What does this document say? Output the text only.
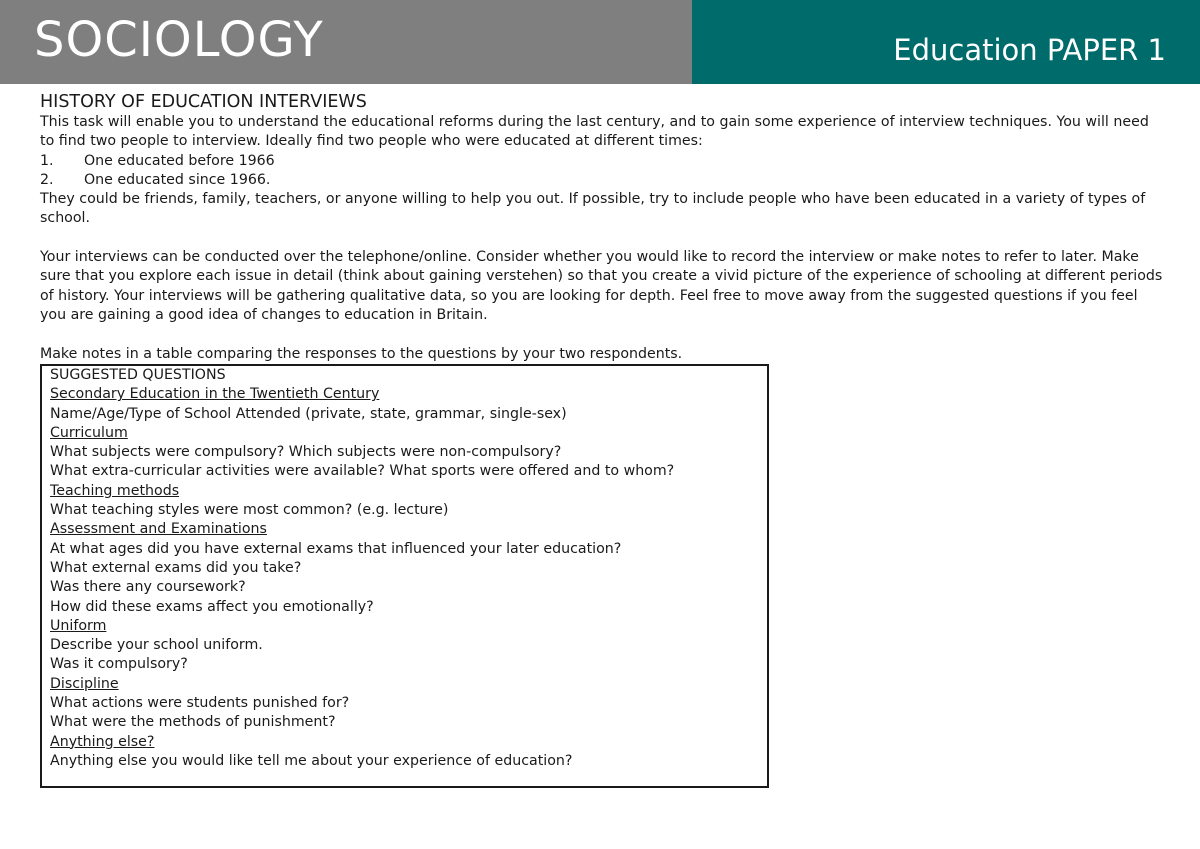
SOCIOLOGY	Education PAPER 1
HISTORY OF EDUCATION INTERVIEWS
This task will enable you to understand the educational reforms during the last century, and to gain some experience of interview techniques. You will need to find two people to interview. Ideally find two people who were educated at different times:
1.	One educated before 1966
2.	One educated since 1966.
They could be friends, family, teachers, or anyone willing to help you out. If possible, try to include people who have been educated in a variety of types of school.
Your interviews can be conducted over the telephone/online. Consider whether you would like to record the interview or make notes to refer to later. Make sure that you explore each issue in detail (think about gaining verstehen) so that you create a vivid picture of the experience of schooling at different periods of history. Your interviews will be gathering qualitative data, so you are looking for depth. Feel free to move away from the suggested questions if you feel you are gaining a good idea of changes to education in Britain.
Make notes in a table comparing the responses to the questions by your two respondents.
SUGGESTED QUESTIONS
Secondary Education in the Twentieth Century
Name/Age/Type of School Attended (private, state, grammar, single-sex)
Curriculum
What subjects were compulsory? Which subjects were non-compulsory?
What extra-curricular activities were available? What sports were offered and to whom?
Teaching methods
What teaching styles were most common? (e.g. lecture)
Assessment and Examinations
At what ages did you have external exams that influenced your later education?
What external exams did you take?
Was there any coursework?
How did these exams affect you emotionally?
Uniform
Describe your school uniform.
Was it compulsory?
Discipline
What actions were students punished for?
What were the methods of punishment?
Anything else?
Anything else you would like tell me about your experience of education?
